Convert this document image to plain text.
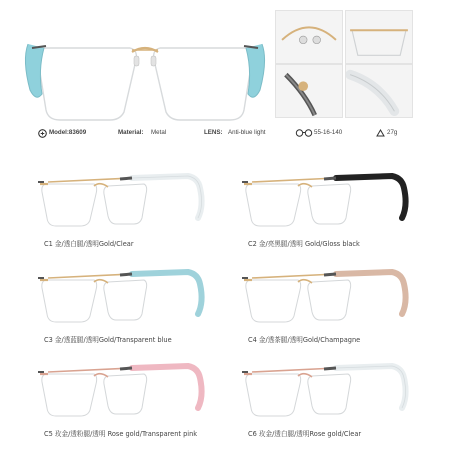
Model:83609	Material: Metal	LENS: Anti-blue light	55-16-140	27g
C1 金/透白腿/透明Gold/Clear	C2 金/亮黑腿/透明 Gold/Gloss black
C3 金/透蓝腿/透明Gold/Transparent blue	C4 金/透茶腿/透明Gold/Champagne
C5 玫金/透粉腿/透明 Rose gold/Transparent pink	C6 玫金/透白腿/透明Rose gold/Clear
